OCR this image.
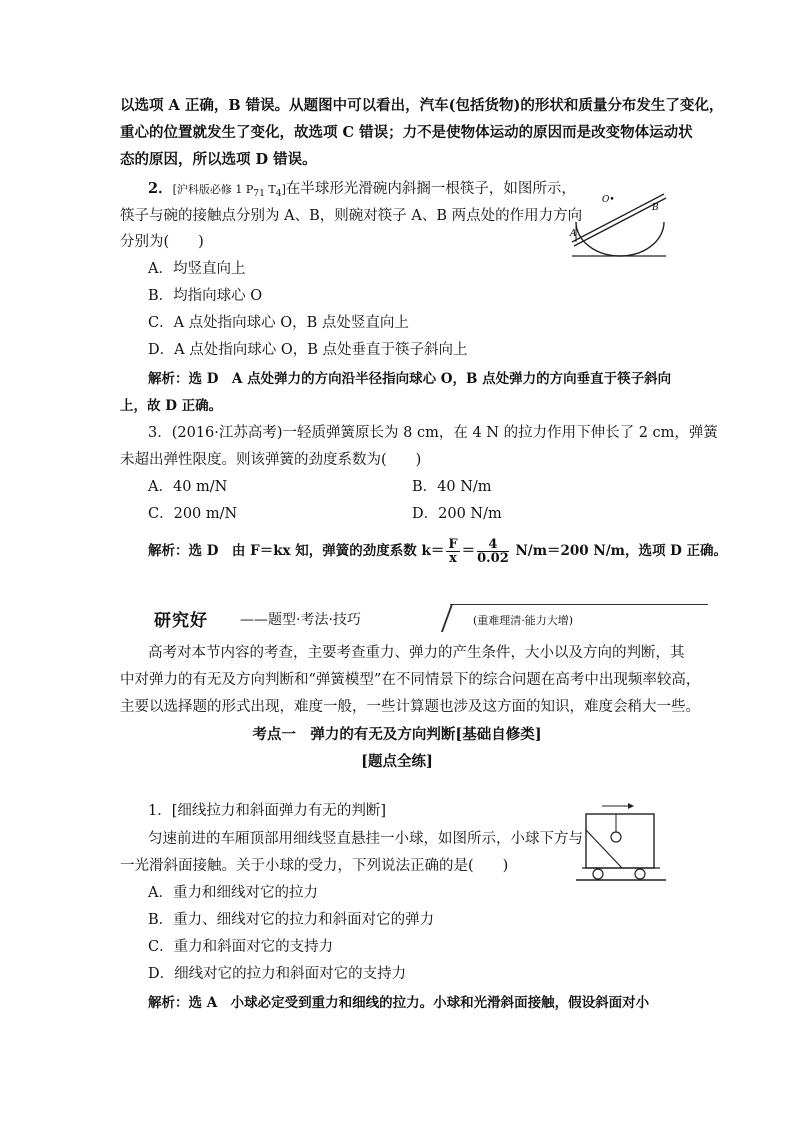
以选项 A 正确，B 错误。从题图中可以看出，汽车(包括货物)的形状和质量分布发生了变化，
重心的位置就发生了变化，故选项 C 错误；力不是使物体运动的原因而是改变物体运动状
态的原因，所以选项 D 错误。
2．[沪科版必修 1 $P_{71}$ $T_4$]在半球形光滑碗内斜搁一根筷子，如图所示，
筷子与碗的接触点分别为 A、B，则碗对筷子 A、B 两点处的作用力方向
分别为(　　)
O•
B
A
A．均竖直向上
B．均指向球心 O
C．A 点处指向球心 O，B 点处竖直向上
D．A 点处指向球心 O，B 点处垂直于筷子斜向上
解析：选 D　A 点处弹力的方向沿半径指向球心 O，B 点处弹力的方向垂直于筷子斜向
上，故 D 正确。
3．(2016·江苏高考)一轻质弹簧原长为 8 cm，在 4 N 的拉力作用下伸长了 2 cm，弹簧
未超出弹性限度。则该弹簧的劲度系数为(　　)
A．40 m/N	B．40 N/m
C．200 m/N	D．200 N/m
解析：选 D　由 F＝kx 知，弹簧的劲度系数 $k= \frac{F}{x} = \frac{4}{0.02} N/m=200$ N/m，选项 D 正确。
研究好 ——题型·考法·技巧	(重难理清·能力大增)
高考对本节内容的考查，主要考查重力、弹力的产生条件，大小以及方向的判断，其
中对弹力的有无及方向判断和“弹簧模型”在不同情景下的综合问题在高考中出现频率较高，
主要以选择题的形式出现，难度一般，一些计算题也涉及这方面的知识，难度会稍大一些。
考点一　弹力的有无及方向判断[基础自修类]
[题点全练]
1．[细线拉力和斜面弹力有无的判断]
匀速前进的车厢顶部用细线竖直悬挂一小球，如图所示，小球下方与
一光滑斜面接触。关于小球的受力，下列说法正确的是(　　)
A．重力和细线对它的拉力
B．重力、细线对它的拉力和斜面对它的弹力
C．重力和斜面对它的支持力
D．细线对它的拉力和斜面对它的支持力
解析：选 A　小球必定受到重力和细线的拉力。小球和光滑斜面接触，假设斜面对小
